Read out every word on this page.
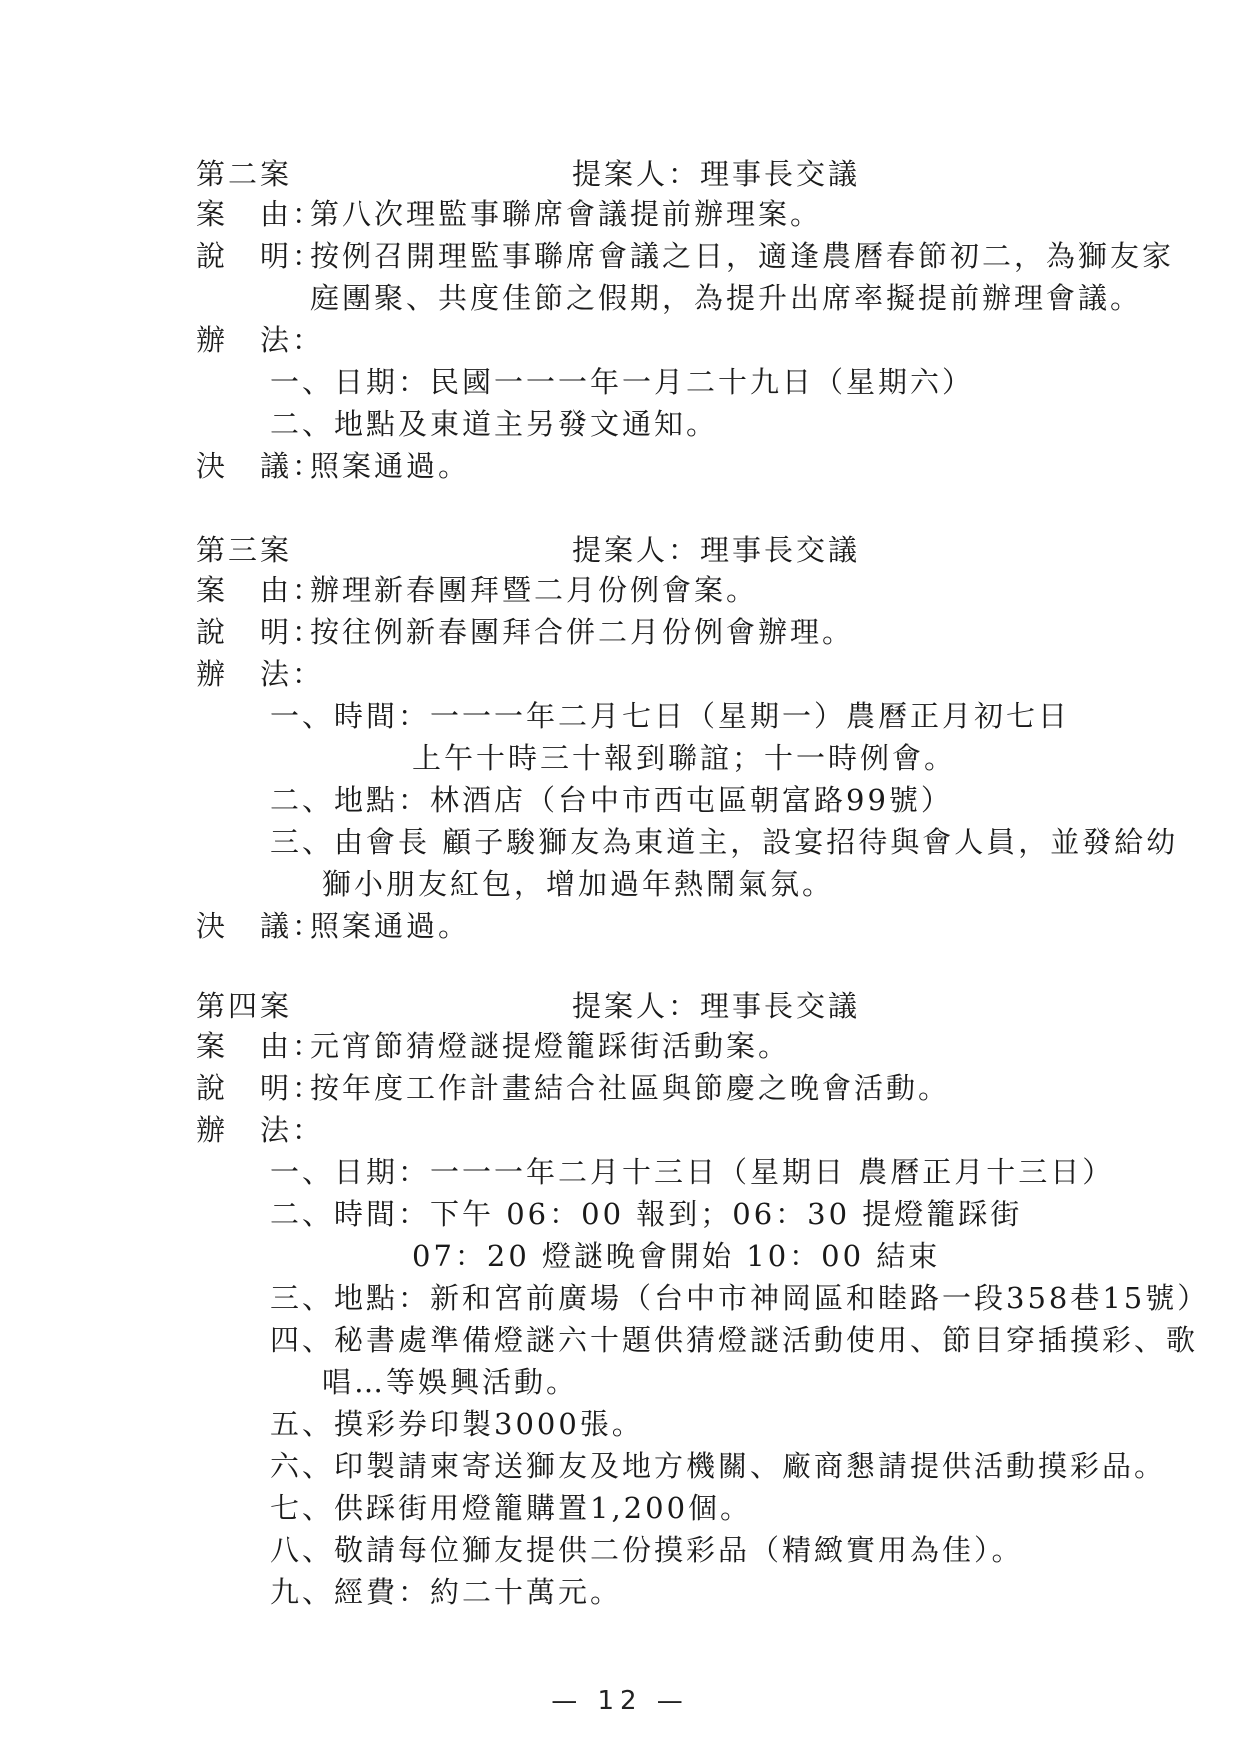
第二案	提案人：理事長交議
案　由：
第八次理監事聯席會議提前辦理案。
說　明：
按例召開理監事聯席會議之日，適逢農曆春節初二，為獅友家
庭團聚、共度佳節之假期，為提升出席率擬提前辦理會議。
辦　法：
一、日期：民國一一一年一月二十九日（星期六）
二、地點及東道主另發文通知。
決　議：
照案通過。
第三案	提案人：理事長交議
案　由：
辦理新春團拜暨二月份例會案。
說　明：
按往例新春團拜合併二月份例會辦理。
辦　法：
一、時間：一一一年二月七日（星期一）農曆正月初七日
上午十時三十報到聯誼；十一時例會。
二、地點：林酒店（台中市西屯區朝富路99號）
三、由會長 顧子駿獅友為東道主，設宴招待與會人員，並發給幼
獅小朋友紅包，增加過年熱鬧氣氛。
決　議：
照案通過。
第四案	提案人：理事長交議
案　由：
元宵節猜燈謎提燈籠踩街活動案。
說　明：
按年度工作計畫結合社區與節慶之晚會活動。
辦　法：
一、日期：一一一年二月十三日（星期日 農曆正月十三日）
二、時間：下午 06：00 報到；06：30 提燈籠踩街
07：20 燈謎晚會開始 10：00 結束
三、地點：新和宮前廣場（台中市神岡區和睦路一段358巷15號）
四、秘書處準備燈謎六十題供猜燈謎活動使用、節目穿插摸彩、歌
唱…等娛興活動。
五、摸彩券印製3000張。
六、印製請柬寄送獅友及地方機關、廠商懇請提供活動摸彩品。
七、供踩街用燈籠購置1,200個。
八、敬請每位獅友提供二份摸彩品（精緻實用為佳）。
九、經費：約二十萬元。
— 12 —
